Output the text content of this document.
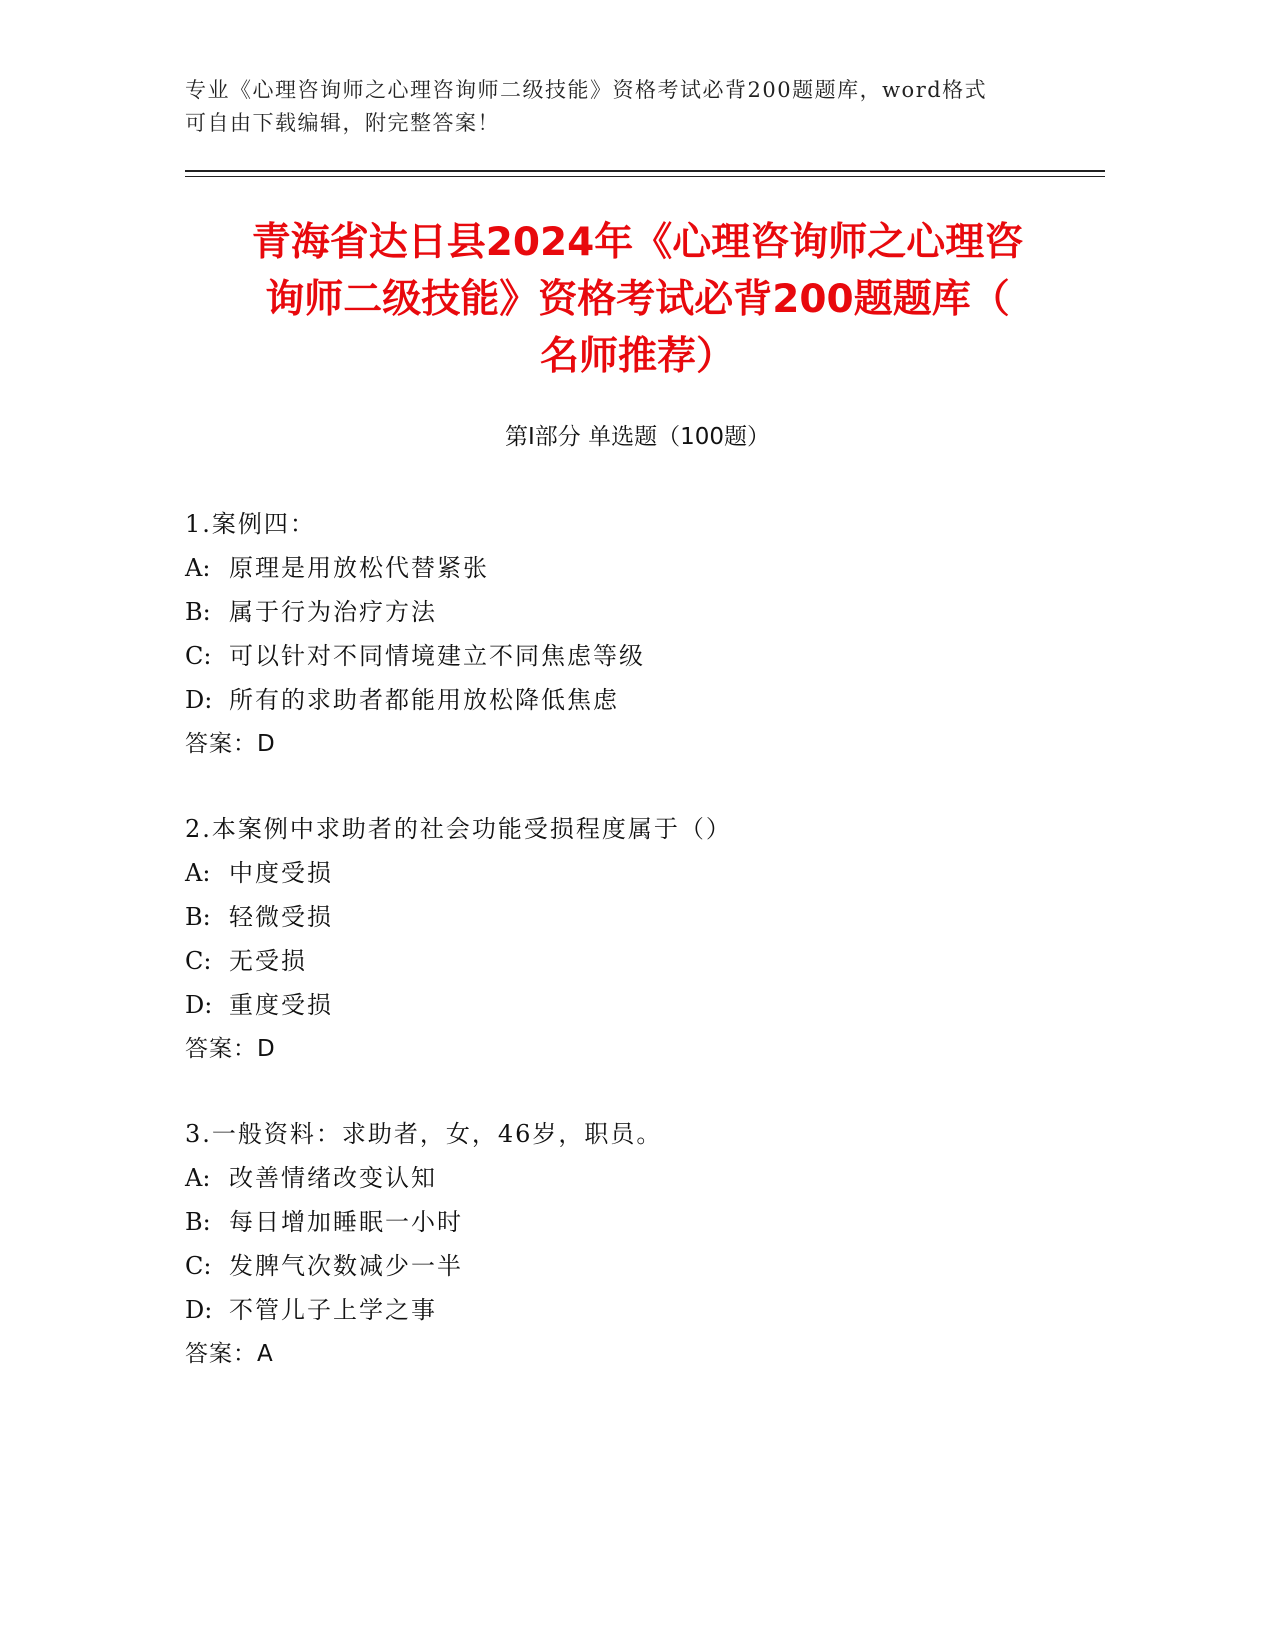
专业《心理咨询师之心理咨询师二级技能》资格考试必背200题题库，word格式
可自由下载编辑，附完整答案！
青海省达日县2024年《心理咨询师之心理咨
询师二级技能》资格考试必背200题题库（
名师推荐）
第Ⅰ部分 单选题（100题）
1.案例四：
A: 原理是用放松代替紧张
B: 属于行为治疗方法
C: 可以针对不同情境建立不同焦虑等级
D: 所有的求助者都能用放松降低焦虑
答案：D
2.本案例中求助者的社会功能受损程度属于（）
A: 中度受损
B: 轻微受损
C: 无受损
D: 重度受损
答案：D
3.一般资料：求助者，女，46岁，职员。
A: 改善情绪改变认知
B: 每日增加睡眠一小时
C: 发脾气次数减少一半
D: 不管儿子上学之事
答案：A
